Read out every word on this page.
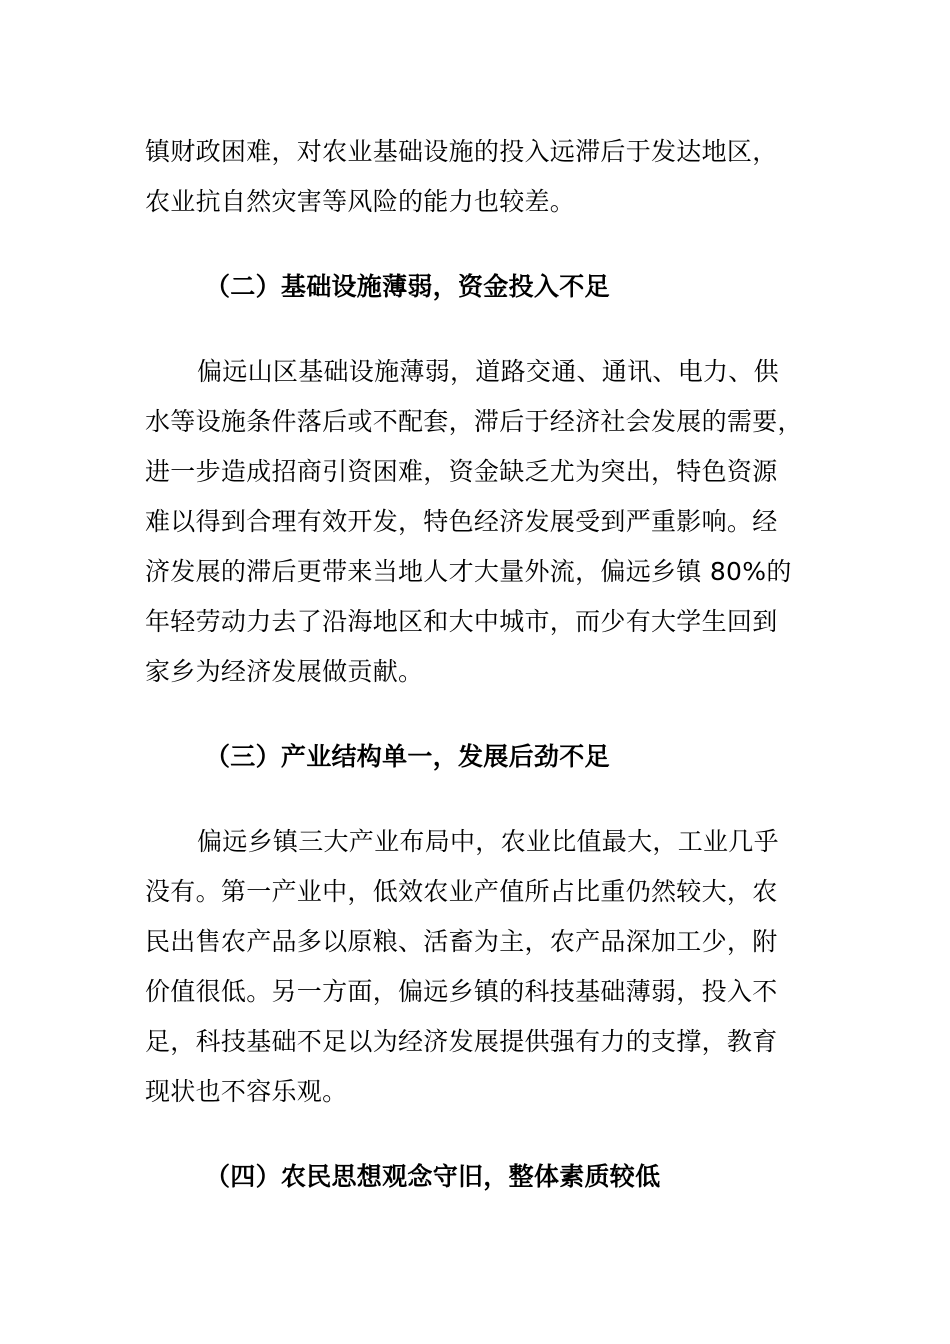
镇财政困难，对农业基础设施的投入远滞后于发达地区，
农业抗自然灾害等风险的能力也较差。
（二）基础设施薄弱，资金投入不足
偏远山区基础设施薄弱，道路交通、通讯、电力、供
水等设施条件落后或不配套，滞后于经济社会发展的需要，
进一步造成招商引资困难，资金缺乏尤为突出，特色资源
难以得到合理有效开发，特色经济发展受到严重影响。经
济发展的滞后更带来当地人才大量外流，偏远乡镇 80%的
年轻劳动力去了沿海地区和大中城市，而少有大学生回到
家乡为经济发展做贡献。
（三）产业结构单一，发展后劲不足
偏远乡镇三大产业布局中，农业比值最大，工业几乎
没有。第一产业中，低效农业产值所占比重仍然较大，农
民出售农产品多以原粮、活畜为主，农产品深加工少，附
价值很低。另一方面，偏远乡镇的科技基础薄弱，投入不
足，科技基础不足以为经济发展提供强有力的支撑，教育
现状也不容乐观。
（四）农民思想观念守旧，整体素质较低
